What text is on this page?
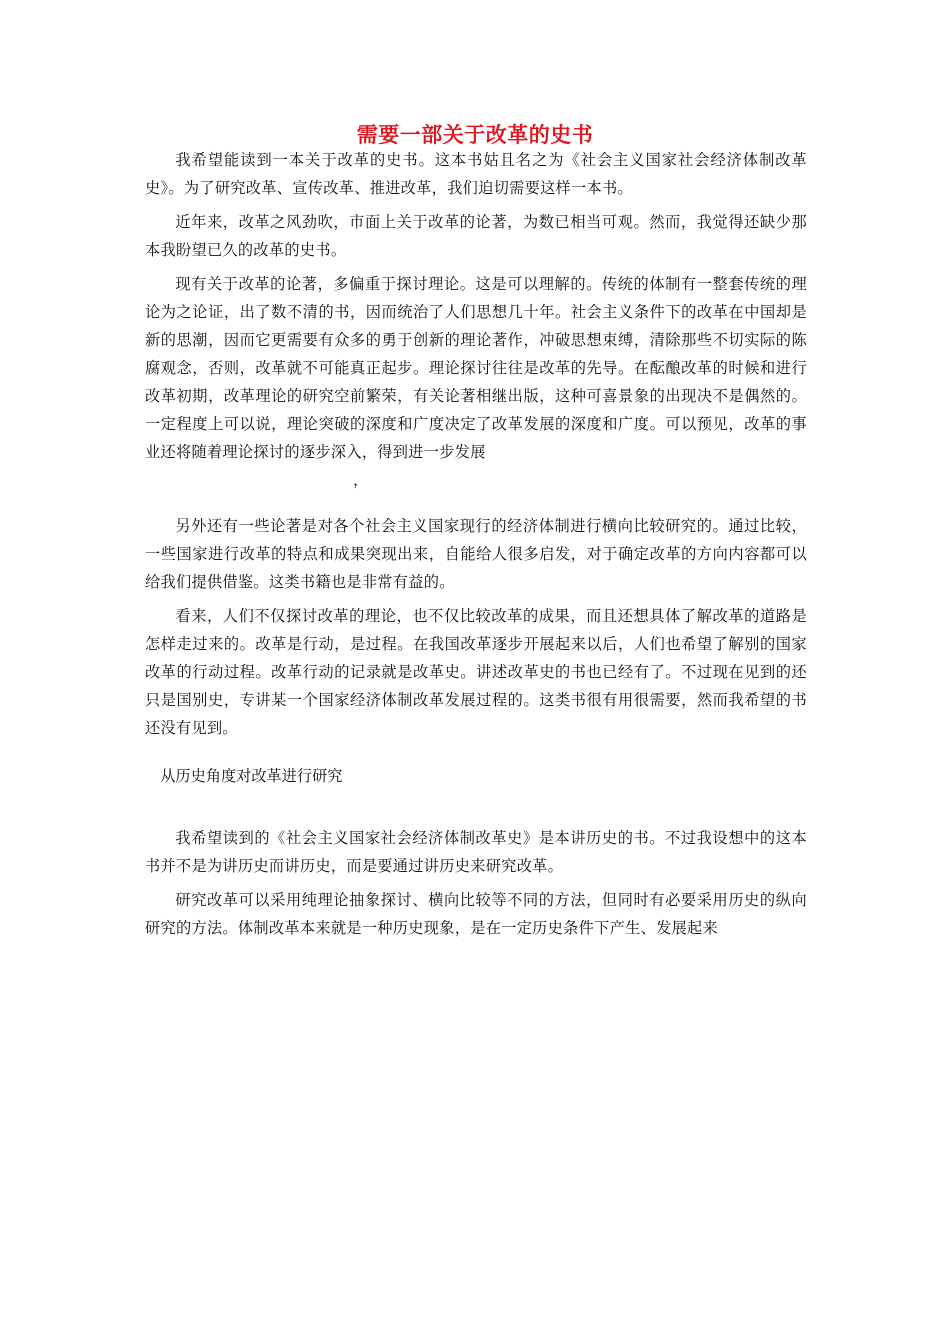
需要一部关于改革的史书

我希望能读到一本关于改革的史书。这本书姑且名之为《社会主义国家社会经济体制改革史》。为了研究改革、宣传改革、推进改革，我们迫切需要这样一本书。

近年来，改革之风劲吹，市面上关于改革的论著，为数已相当可观。然而，我觉得还缺少那本我盼望已久的改革的史书。

现有关于改革的论著，多偏重于探讨理论。这是可以理解的。传统的体制有一整套传统的理论为之论证，出了数不清的书，因而统治了人们思想几十年。社会主义条件下的改革在中国却是新的思潮，因而它更需要有众多的勇于创新的理论著作，冲破思想束缚，清除那些不切实际的陈腐观念，否则，改革就不可能真正起步。理论探讨往往是改革的先导。在酝酿改革的时候和进行改革初期，改革理论的研究空前繁荣，有关论著相继出版，这种可喜景象的出现决不是偶然的。一定程度上可以说，理论突破的深度和广度决定了改革发展的深度和广度。可以预见，改革的事业还将随着理论探讨的逐步深入，得到进一步发展

，

另外还有一些论著是对各个社会主义国家现行的经济体制进行横向比较研究的。通过比较，一些国家进行改革的特点和成果突现出来，自能给人很多启发，对于确定改革的方向内容都可以给我们提供借鉴。这类书籍也是非常有益的。

看来，人们不仅探讨改革的理论，也不仅比较改革的成果，而且还想具体了解改革的道路是怎样走过来的。改革是行动，是过程。在我国改革逐步开展起来以后，人们也希望了解别的国家改革的行动过程。改革行动的记录就是改革史。讲述改革史的书也已经有了。不过现在见到的还只是国别史，专讲某一个国家经济体制改革发展过程的。这类书很有用很需要，然而我希望的书还没有见到。

从历史角度对改革进行研究

我希望读到的《社会主义国家社会经济体制改革史》是本讲历史的书。不过我设想中的这本书并不是为讲历史而讲历史，而是要通过讲历史来研究改革。

研究改革可以采用纯理论抽象探讨、横向比较等不同的方法，但同时有必要采用历史的纵向研究的方法。体制改革本来就是一种历史现象，是在一定历史条件下产生、发展起来
